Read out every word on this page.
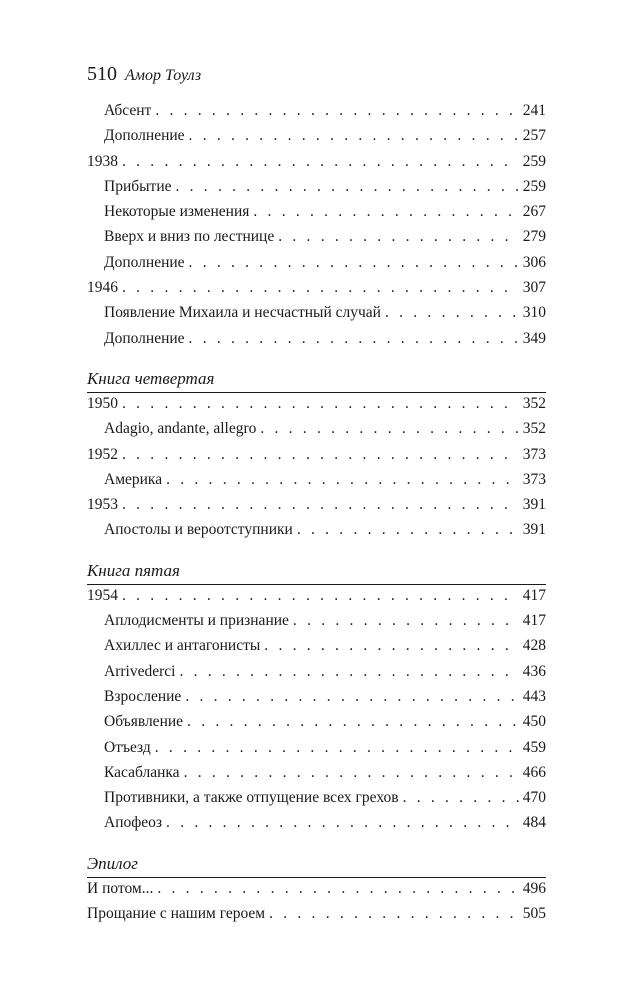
510 Амор Тоулз
Абсент . . .	241
Дополнение . . .	257
1938 . . .	259
Прибытие . . .	259
Некоторые изменения . . .	267
Вверх и вниз по лестнице . . .	279
Дополнение . . .	306
1946 . . .	307
Появление Михаила и несчастный случай . . .	310
Дополнение . . .	349
Книга четвертая
1950 . . .	352
Adagio, andante, allegro . . .	352
1952 . . .	373
Америка . . .	373
1953 . . .	391
Апостолы и вероотступники . . .	391
Книга пятая
1954 . . .	417
Аплодисменты и признание . . .	417
Ахиллес и антагонисты . . .	428
Arrivederci . . .	436
Взросление . . .	443
Объявление . . .	450
Отъезд . . .	459
Касабланка . . .	466
Противники, а также отпущение всех грехов . . .	470
Апофеоз . . .	484
Эпилог
И потом... . . .	496
Прощание с нашим героем . . .	505
